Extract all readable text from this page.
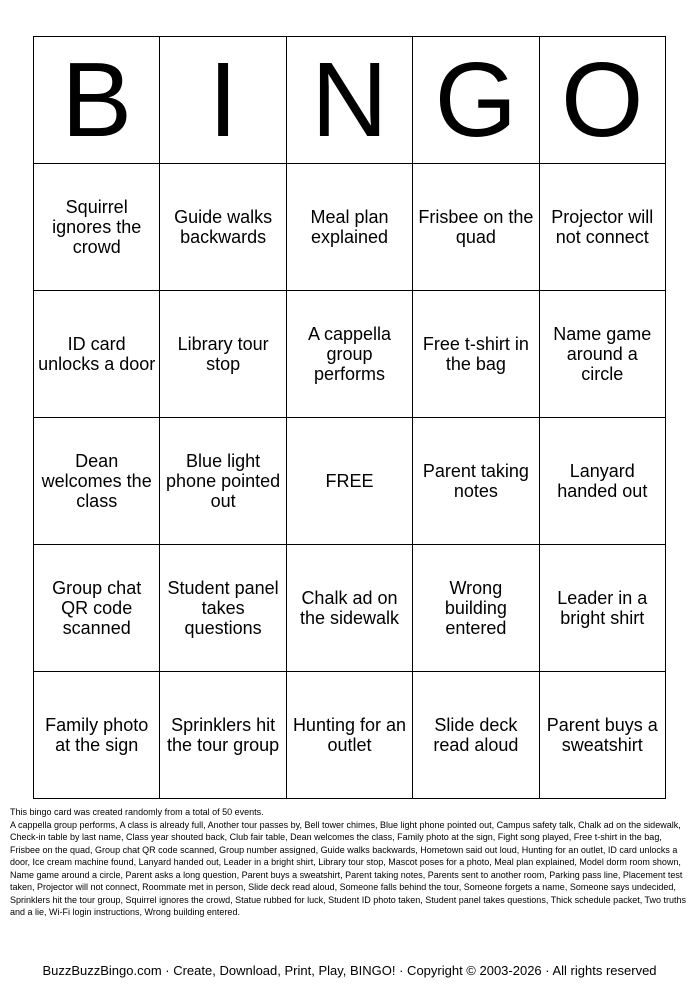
B	I	N	G	O
Squirrel ignores the crowd	Guide walks backwards	Meal plan explained	Frisbee on the quad	Projector will not connect
ID card unlocks a door	Library tour stop	A cappella group performs	Free t-shirt in the bag	Name game around a circle
Dean welcomes the class	Blue light phone pointed out	FREE	Parent taking notes	Lanyard handed out
Group chat QR code scanned	Student panel takes questions	Chalk ad on the sidewalk	Wrong building entered	Leader in a bright shirt
Family photo at the sign	Sprinklers hit the tour group	Hunting for an outlet	Slide deck read aloud	Parent buys a sweatshirt

This bingo card was created randomly from a total of 50 events.

A cappella group performs, A class is already full, Another tour passes by, Bell tower chimes, Blue light phone pointed out, Campus safety talk, Chalk ad on the sidewalk, Check-in table by last name, Class year shouted back, Club fair table, Dean welcomes the class, Family photo at the sign, Fight song played, Free t-shirt in the bag, Frisbee on the quad, Group chat QR code scanned, Group number assigned, Guide walks backwards, Hometown said out loud, Hunting for an outlet, ID card unlocks a door, Ice cream machine found, Lanyard handed out, Leader in a bright shirt, Library tour stop, Mascot poses for a photo, Meal plan explained, Model dorm room shown, Name game around a circle, Parent asks a long question, Parent buys a sweatshirt, Parent taking notes, Parents sent to another room, Parking pass line, Placement test taken, Projector will not connect, Roommate met in person, Slide deck read aloud, Someone falls behind the tour, Someone forgets a name, Someone says undecided, Sprinklers hit the tour group, Squirrel ignores the crowd, Statue rubbed for luck, Student ID photo taken, Student panel takes questions, Thick schedule packet, Two truths and a lie, Wi-Fi login instructions, Wrong building entered.

BuzzBuzzBingo.com · Create, Download, Print, Play, BINGO! · Copyright © 2003-2026 · All rights reserved
